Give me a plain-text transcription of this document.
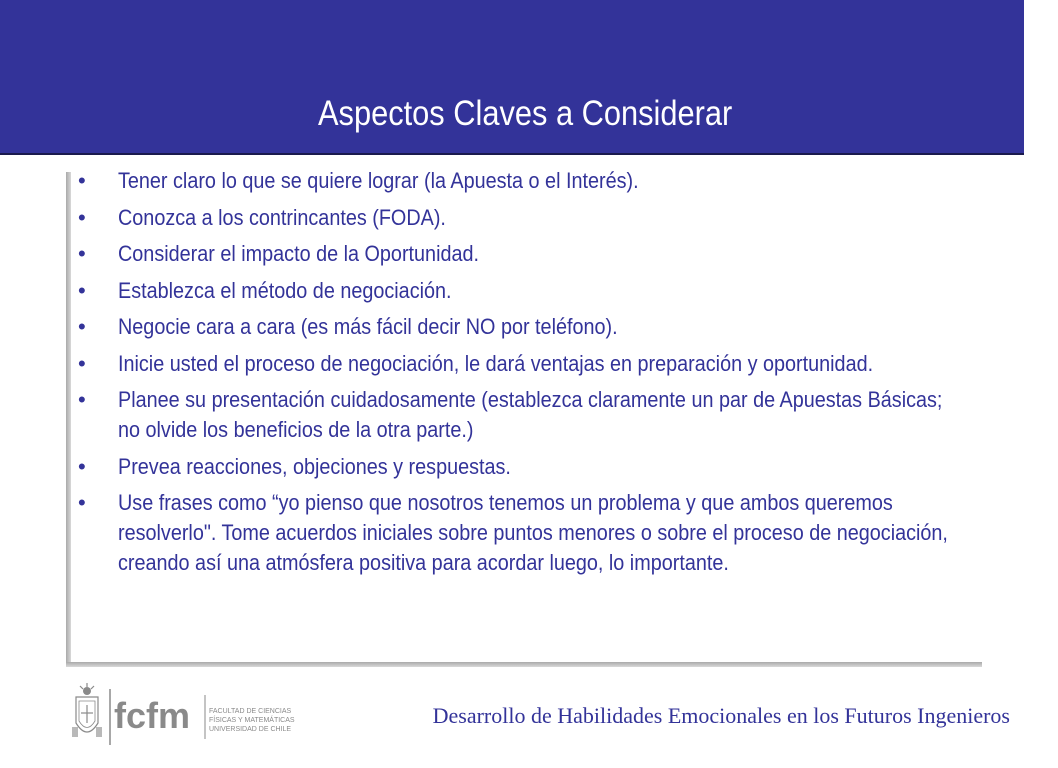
Aspectos Claves a Considerar
• Tener claro lo que se quiere lograr (la Apuesta o el Interés).
• Conozca a los contrincantes (FODA).
• Considerar el impacto de la Oportunidad.
• Establezca el método de negociación.
• Negocie cara a cara (es más fácil decir NO por teléfono).
• Inicie usted el proceso de negociación, le dará ventajas en preparación y oportunidad.
• Planee su presentación cuidadosamente (establezca claramente un par de Apuestas Básicas; no olvide los beneficios de la otra parte.)
• Prevea reacciones, objeciones y respuestas.
• Use frases como “yo pienso que nosotros tenemos un problema y que ambos queremos resolverlo". Tome acuerdos iniciales sobre puntos menores o sobre el proceso de negociación, creando así una atmósfera positiva para acordar luego, lo importante.
fcfm	FACULTAD DE CIENCIAS
FÍSICAS Y MATEMÁTICAS
UNIVERSIDAD DE CHILE
Desarrollo de Habilidades Emocionales en los Futuros Ingenieros
